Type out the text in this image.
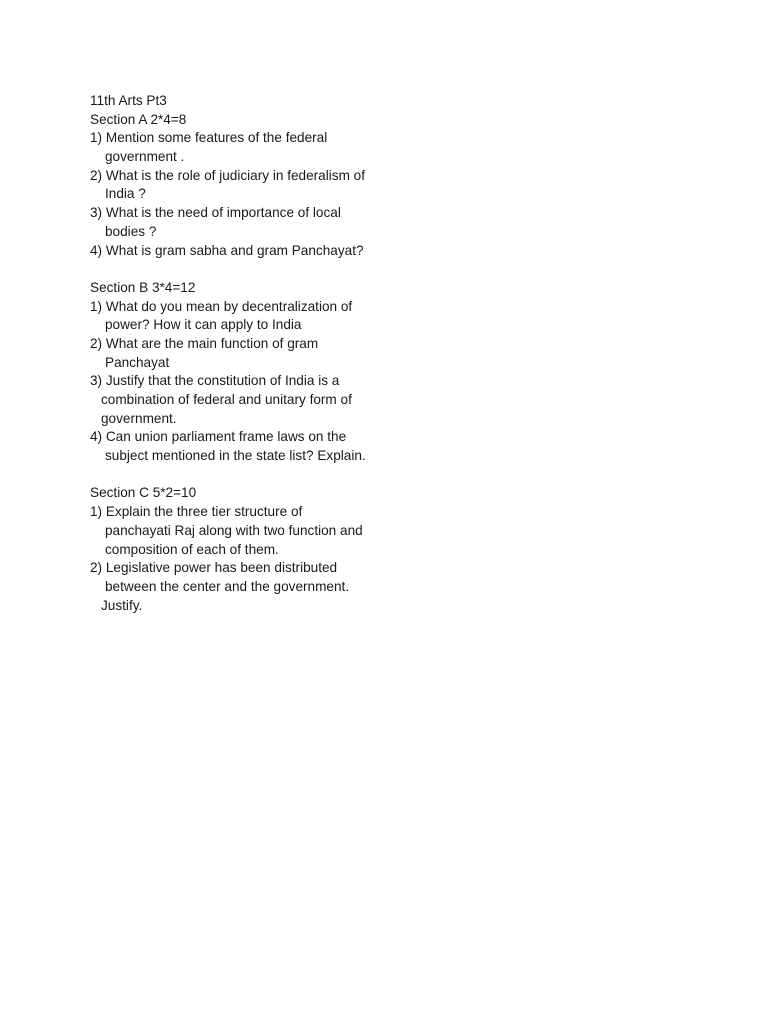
11th Arts Pt3
Section A 2*4=8
1) Mention some features of the federal
government .
2) What is the role of judiciary in federalism of
India ?
3) What is the need of importance of local
bodies ?
4) What is gram sabha and gram Panchayat?
Section B 3*4=12
1) What do you mean by decentralization of
power? How it can apply to India
2) What are the main function of gram
Panchayat
3) Justify that the constitution of India is a
combination of federal and unitary form of
government.
4) Can union parliament frame laws on the
subject mentioned in the state list? Explain.
Section C 5*2=10
1) Explain the three tier structure of
panchayati Raj along with two function and
composition of each of them.
2) Legislative power has been distributed
between the center and the government.
Justify.
